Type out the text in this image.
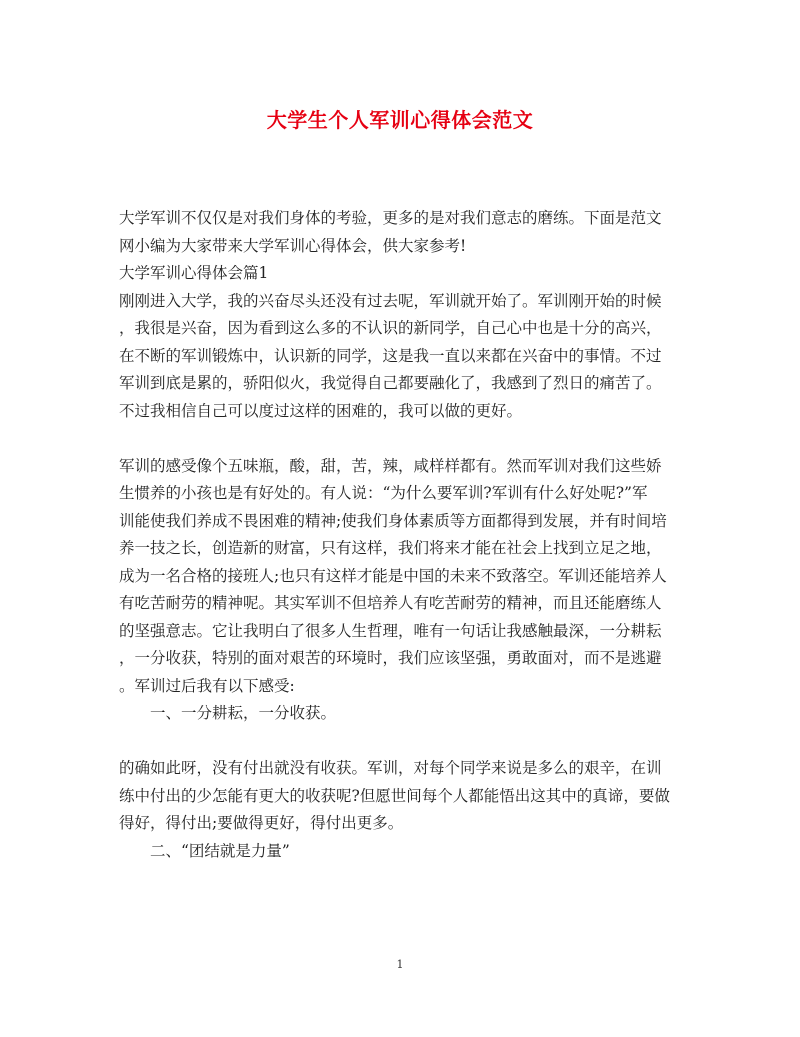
大学生个人军训心得体会范文

大学军训不仅仅是对我们身体的考验，更多的是对我们意志的磨练。下面是范文

网小编为大家带来大学军训心得体会，供大家参考!

大学军训心得体会篇1

刚刚进入大学，我的兴奋尽头还没有过去呢，军训就开始了。军训刚开始的时候

，我很是兴奋，因为看到这么多的不认识的新同学，自己心中也是十分的高兴，

在不断的军训锻炼中，认识新的同学，这是我一直以来都在兴奋中的事情。不过

军训到底是累的，骄阳似火，我觉得自己都要融化了，我感到了烈日的痛苦了。

不过我相信自己可以度过这样的困难的，我可以做的更好。

军训的感受像个五味瓶，酸，甜，苦，辣，咸样样都有。然而军训对我们这些娇

生惯养的小孩也是有好处的。有人说：“为什么要军训?军训有什么好处呢?”军

训能使我们养成不畏困难的精神;使我们身体素质等方面都得到发展，并有时间培

养一技之长，创造新的财富，只有这样，我们将来才能在社会上找到立足之地，

成为一名合格的接班人;也只有这样才能是中国的未来不致落空。军训还能培养人

有吃苦耐劳的精神呢。其实军训不但培养人有吃苦耐劳的精神，而且还能磨练人

的坚强意志。它让我明白了很多人生哲理，唯有一句话让我感触最深，一分耕耘

，一分收获，特别的面对艰苦的环境时，我们应该坚强，勇敢面对，而不是逃避

。军训过后我有以下感受:

一、一分耕耘，一分收获。

的确如此呀，没有付出就没有收获。军训，对每个同学来说是多么的艰辛，在训

练中付出的少怎能有更大的收获呢?但愿世间每个人都能悟出这其中的真谛，要做

得好，得付出;要做得更好，得付出更多。

二、“团结就是力量”

1
